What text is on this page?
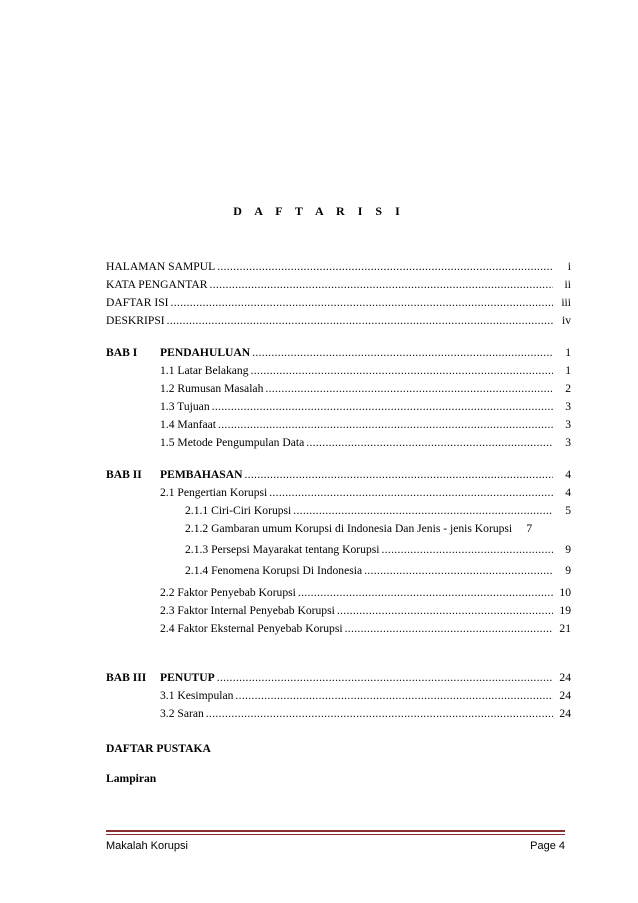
D A F T A R I S I
HALAMAN SAMPUL .....	i
KATA PENGANTAR .....	ii
DAFTAR ISI .....	iii
DESKRIPSI .....	iv
BAB I PENDAHULUAN .....	1
1.1 Latar Belakang .....	1
1.2 Rumusan Masalah .....	2
1.3 Tujuan .....	3
1.4 Manfaat .....	3
1.5 Metode Pengumpulan Data .....	3
BAB II PEMBAHASAN .....	4
2.1 Pengertian Korupsi .....	4
2.1.1 Ciri-Ciri Korupsi .....	5
2.1.2 Gambaran umum Korupsi di Indonesia Dan Jenis - jenis Korupsi	7
2.1.3 Persepsi Mayarakat tentang Korupsi .....	9
2.1.4 Fenomena Korupsi Di Indonesia .....	9
2.2 Faktor Penyebab Korupsi .....	10
2.3 Faktor Internal Penyebab Korupsi .....	19
2.4 Faktor Eksternal Penyebab Korupsi .....	21
BAB III PENUTUP .....	24
3.1 Kesimpulan .....	24
3.2 Saran .....	24
DAFTAR PUSTAKA
Lampiran
Makalah Korupsi	Page 4
